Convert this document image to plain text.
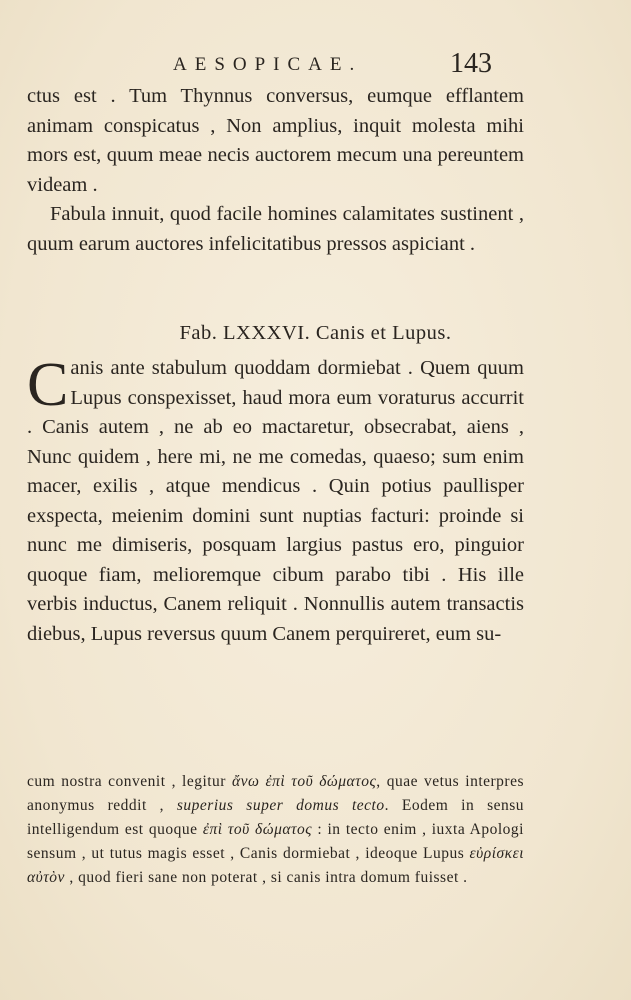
AESOPICAE.	143

ctus est . Tum Thynnus conversus, eumque efflantem animam conspicatus , Non amplius, inquit molesta mihi mors est, quum meae necis auctorem mecum una pereuntem videam .

Fabula innuit, quod facile homines calamitates sustinent , quum earum auctores infelicitatibus pressos aspiciant .

Fab. LXXXVI. Canis et Lupus.

Canis ante stabulum quoddam dormiebat . Quem quum Lupus conspexisset, haud mora eum voraturus accurrit . Canis autem , ne ab eo mactaretur, obsecrabat, aiens , Nunc quidem , here mi, ne me comedas, quaeso; sum enim macer, exilis , atque mendicus . Quin potius paullisper exspecta, meienim domini sunt nuptias facturi: proinde si nunc me dimiseris, posquam largius pastus ero, pinguior quoque fiam, melioremque cibum parabo tibi . His ille verbis inductus, Canem reliquit . Nonnullis autem transactis diebus, Lupus reversus quum Canem perquireret, eum su-

cum nostra convenit , legitur ἄνω ἐπὶ τοῦ δώματος, quae vetus interpres anonymus reddit , superius super domus tecto. Eodem in sensu intelligendum est quoque ἐπὶ τοῦ δώματος : in tecto enim , iuxta Apologi sensum , ut tutus magis esset , Canis dormiebat , ideoque Lupus εὐρίσκει αὐτὸν , quod fieri sane non poterat , si canis intra domum fuisset .
